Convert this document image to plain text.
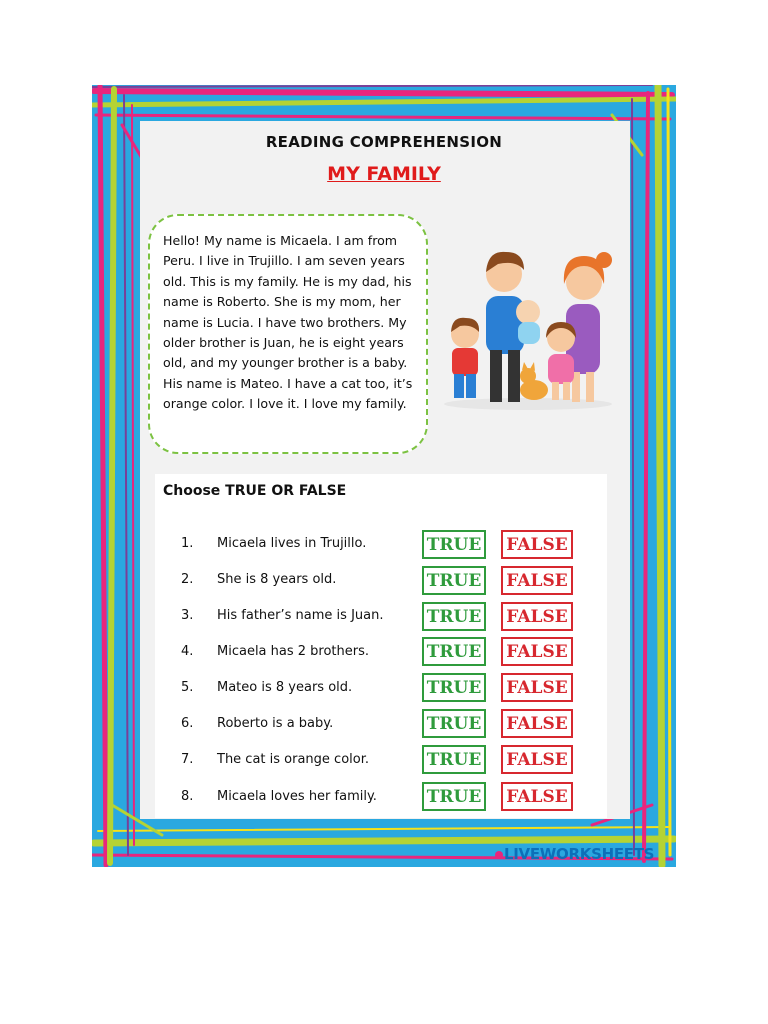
READING COMPREHENSION
MY FAMILY

Hello! My name is Micaela. I am from Peru. I live in Trujillo. I am seven years old. This is my family. He is my dad, his name is Roberto. She is my mom, her name is Lucia. I have two brothers. My older brother is Juan, he is eight years old, and my younger brother is a baby. His name is Mateo. I have a cat too, it’s orange color. I love it. I love my family.

Choose TRUE OR FALSE
1. Micaela lives in Trujillo.	TRUE	FALSE
2. She is 8 years old.	TRUE	FALSE
3. His father’s name is Juan.	TRUE	FALSE
4. Micaela has 2 brothers.	TRUE	FALSE
5. Mateo is 8 years old.	TRUE	FALSE
6. Roberto is a baby.	TRUE	FALSE
7. The cat is orange color.	TRUE	FALSE
8. Micaela loves her family.	TRUE	FALSE
LIVEWORKSHEETS
